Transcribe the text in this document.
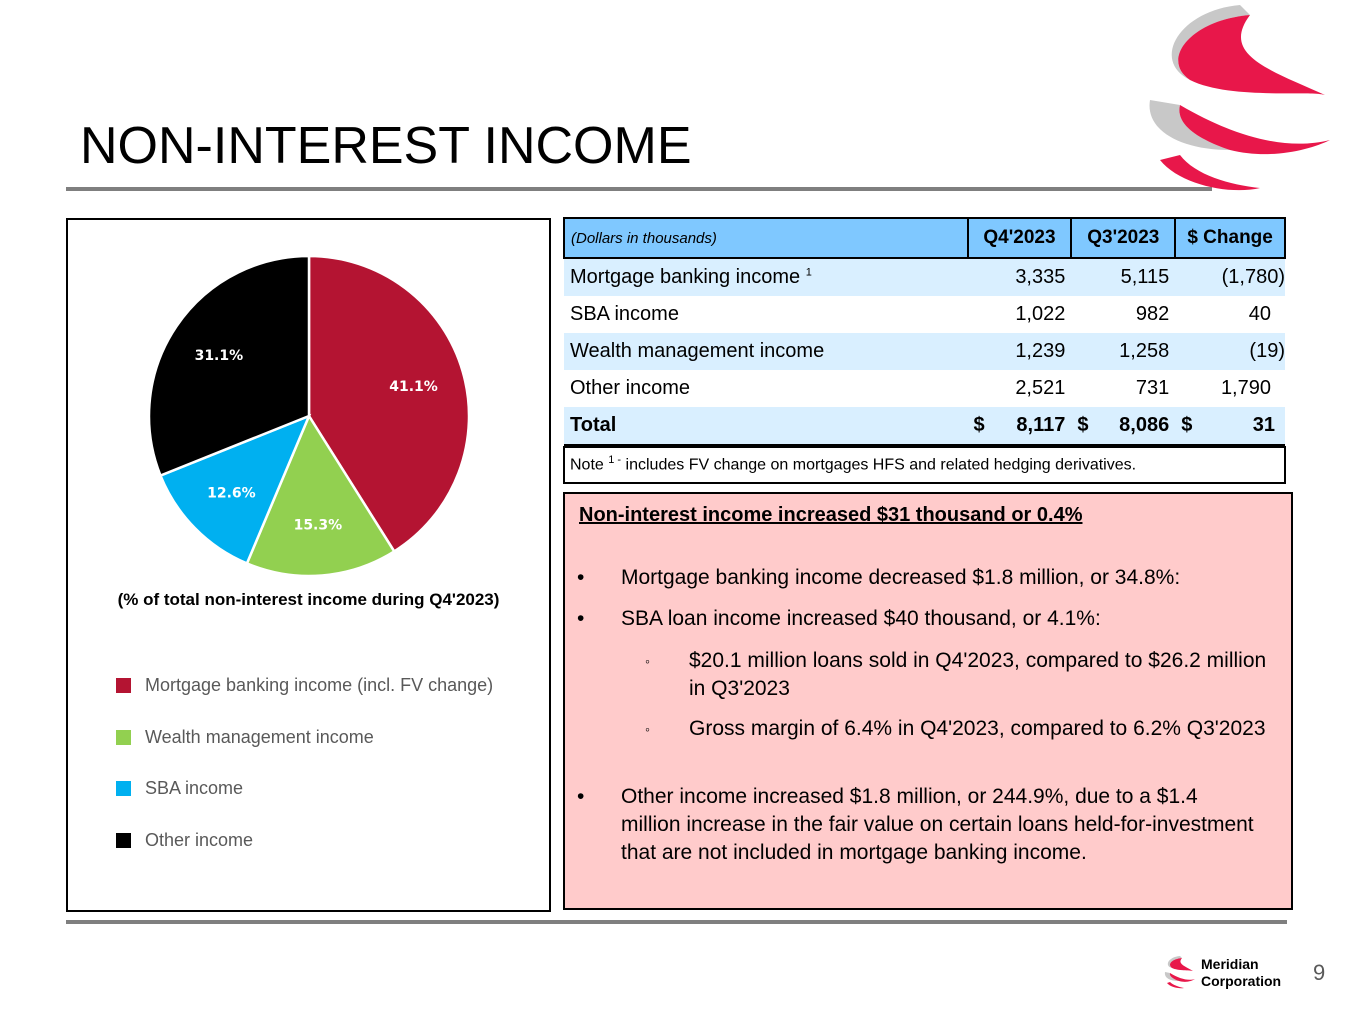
NON-INTEREST INCOME
41.1%
15.3%
12.6%
31.1%
(% of total non-interest income during Q4'2023)
Mortgage banking income (incl. FV change)
Wealth management income
SBA income
Other income
(Dollars in thousands)	Q4'2023	Q3'2023	$ Change
Mortgage banking income $^1$	3,335	5,115	(1,780)
SBA income	1,022	982	40
Wealth management income	1,239	1,258	(19)
Other income	2,521	731	1,790
Total	$ 8,117	$ 8,086	$ 31
Note $^{1 -}$ includes FV change on mortgages HFS and related hedging derivatives.
Non-interest income increased $31 thousand or 0.4%
• Mortgage banking income decreased $1.8 million, or 34.8%:
• SBA loan income increased $40 thousand, or 4.1%:
◦ $20.1 million loans sold in Q4'2023, compared to $26.2 million in Q3'2023
◦ Gross margin of 6.4% in Q4'2023, compared to 6.2% Q3'2023
• Other income increased $1.8 million, or 244.9%, due to a $1.4 million increase in the fair value on certain loans held-for-investment that are not included in mortgage banking income.
Meridian
Corporation 9
